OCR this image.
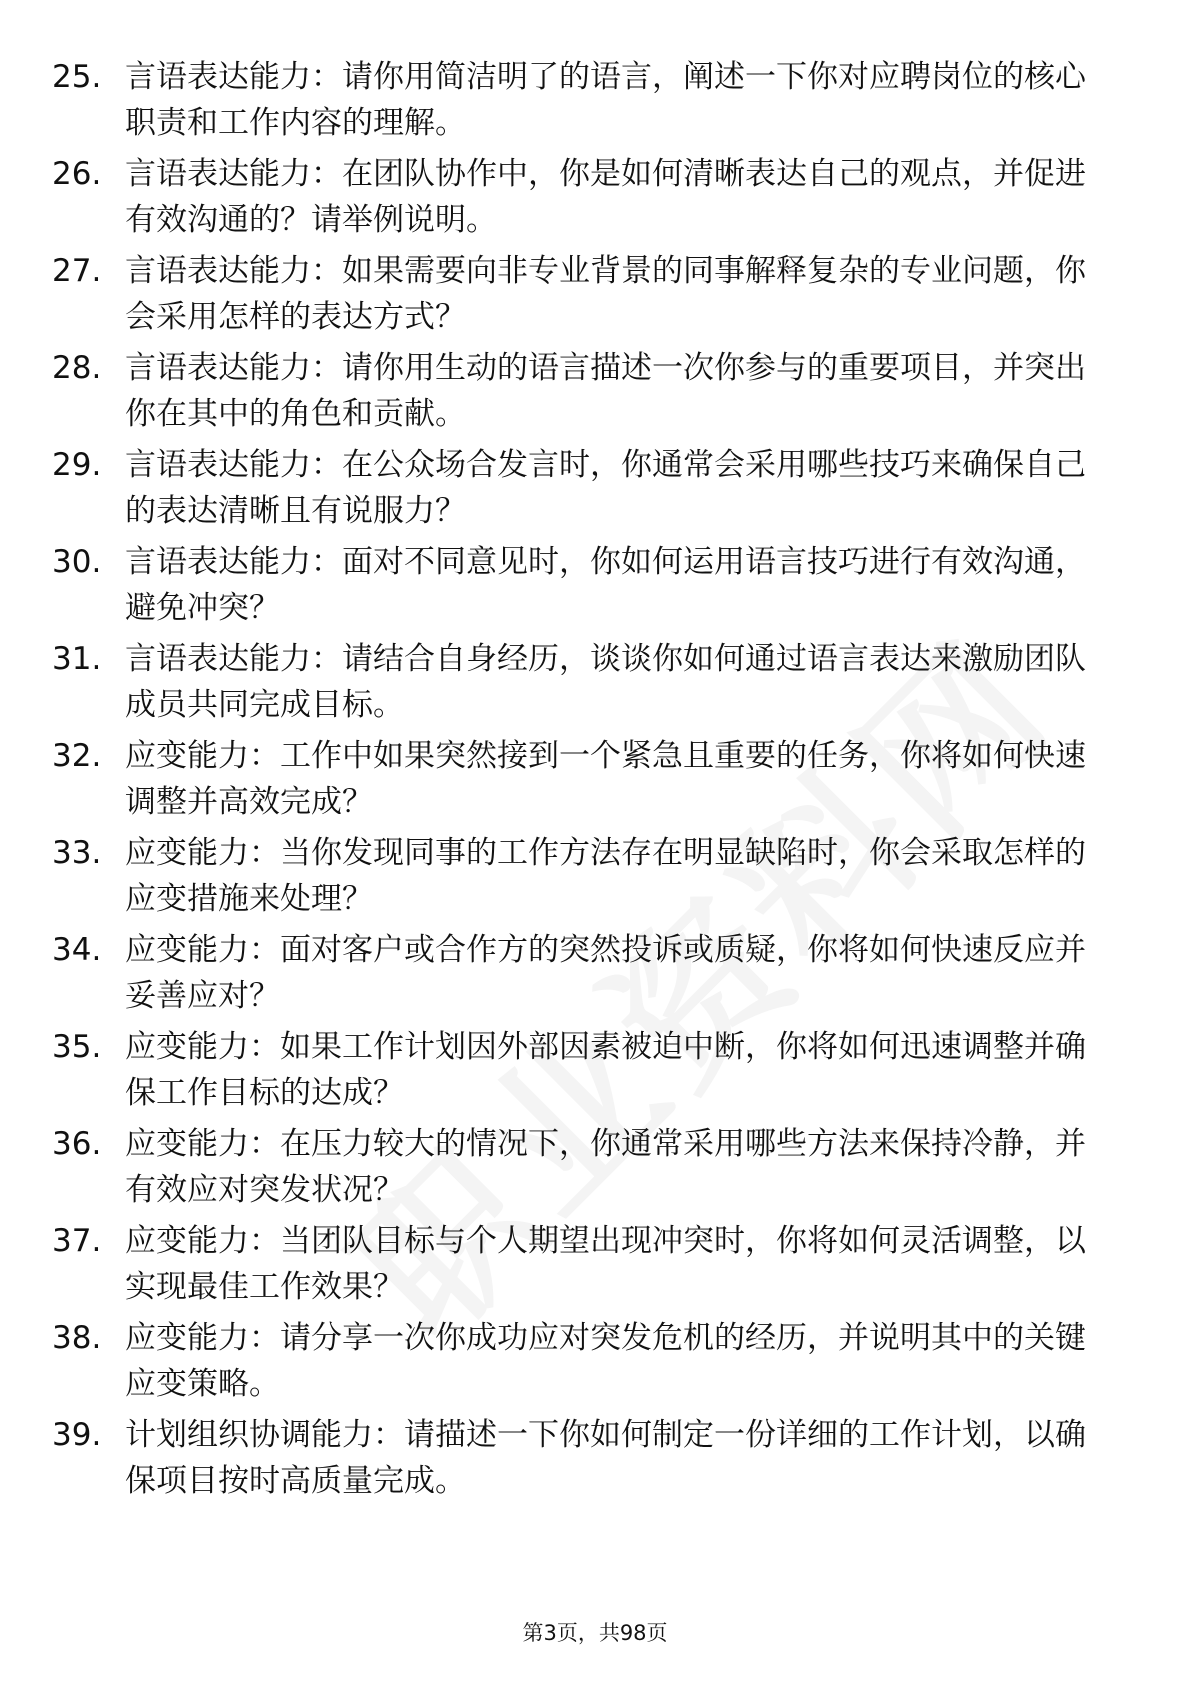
25. 言语表达能力：请你用简洁明了的语言，阐述一下你对应聘岗位的核心职责和工作内容的理解。
26. 言语表达能力：在团队协作中，你是如何清晰表达自己的观点，并促进有效沟通的？请举例说明。
27. 言语表达能力：如果需要向非专业背景的同事解释复杂的专业问题，你会采用怎样的表达方式？
28. 言语表达能力：请你用生动的语言描述一次你参与的重要项目，并突出你在其中的角色和贡献。
29. 言语表达能力：在公众场合发言时，你通常会采用哪些技巧来确保自己的表达清晰且有说服力？
30. 言语表达能力：面对不同意见时，你如何运用语言技巧进行有效沟通，避免冲突？
31. 言语表达能力：请结合自身经历，谈谈你如何通过语言表达来激励团队成员共同完成目标。
32. 应变能力：工作中如果突然接到一个紧急且重要的任务，你将如何快速调整并高效完成？
33. 应变能力：当你发现同事的工作方法存在明显缺陷时，你会采取怎样的应变措施来处理？
34. 应变能力：面对客户或合作方的突然投诉或质疑，你将如何快速反应并妥善应对？
35. 应变能力：如果工作计划因外部因素被迫中断，你将如何迅速调整并确保工作目标的达成？
36. 应变能力：在压力较大的情况下，你通常采用哪些方法来保持冷静，并有效应对突发状况？
37. 应变能力：当团队目标与个人期望出现冲突时，你将如何灵活调整，以实现最佳工作效果？
38. 应变能力：请分享一次你成功应对突发危机的经历，并说明其中的关键应变策略。
39. 计划组织协调能力：请描述一下你如何制定一份详细的工作计划，以确保项目按时高质量完成。
第3页，共98页
